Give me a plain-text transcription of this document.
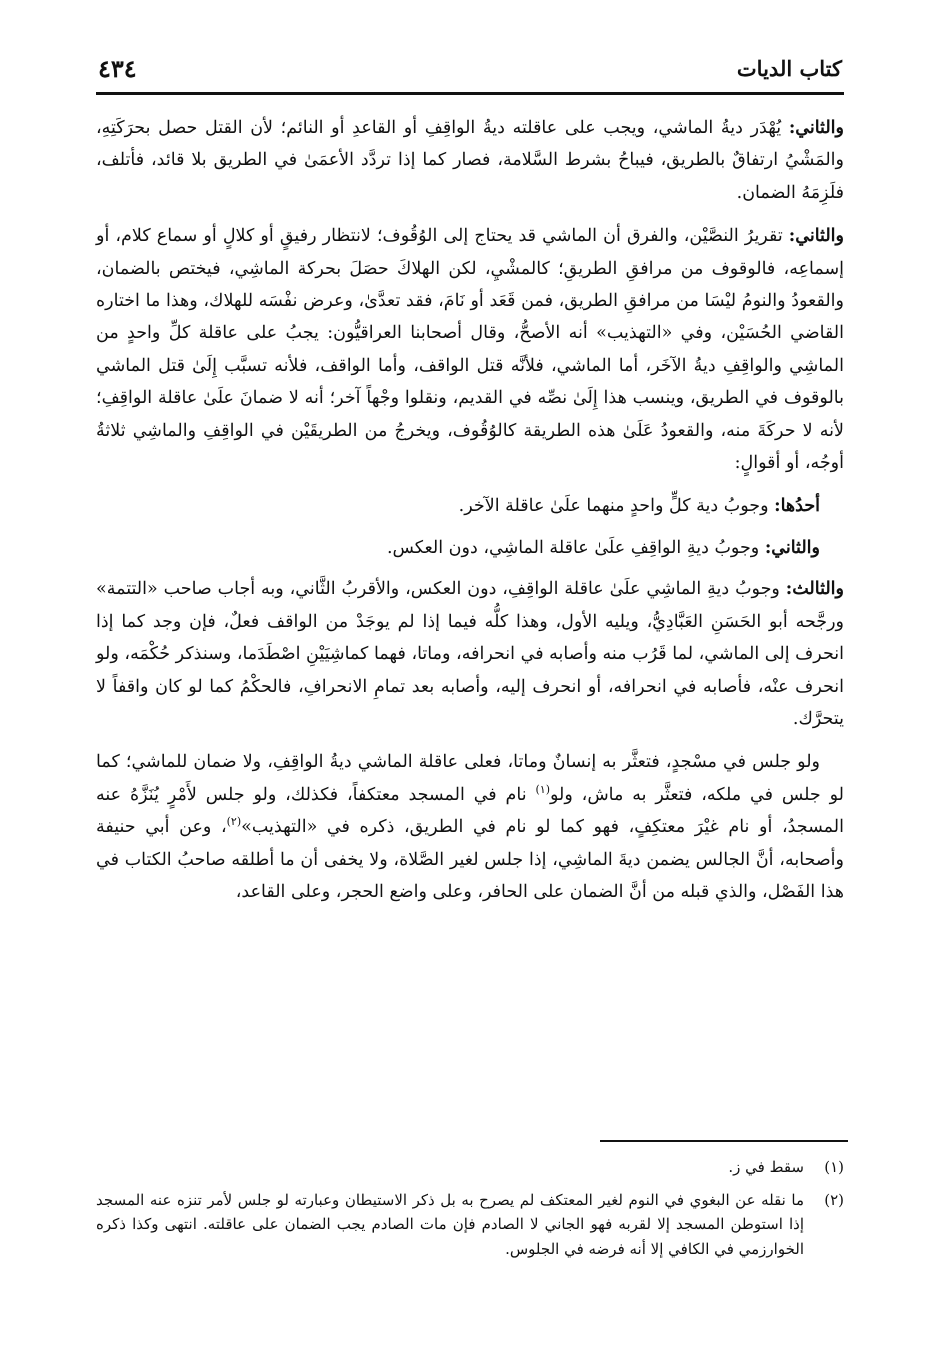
كتاب الديات
٤٣٤

والثاني: يُهْدَر ديةُ الماشي، ويجب على عاقلته ديةُ الواقِفِ أو القاعدِ أو النائم؛ لأن القتل حصل بحرَكَتِهِ، والمَشْيُ ارتفاقٌ بالطريق، فيباحُ بشرط السَّلامة، فصار كما إذا تردَّد الأعمَىٰ في الطريق بلا قائد، فأتلف، فلَزِمَهُ الضمان.

والثاني: تقريرُ النصَّيْن، والفرق أن الماشي قد يحتاج إلى الوُقُوف؛ لانتظار رفيقٍ أو كلالٍ أو سماع كلام، أو إسماعِه، فالوقوف من مرافقِ الطريقِ؛ كالمشْيِ، لكن الهلاكَ حصَلَ بحركة الماشِي، فيختص بالضمان، والقعودُ والنومُ ليْسَا من مرافقِ الطريق، فمن قَعَد أو نَامَ، فقد تعدَّىٰ، وعرض نفْسَه للهلاك، وهذا ما اختاره القاضي الحُسَيْن، وفي «التهذيب» أنه الأصحُّ، وقال أصحابنا العراقيُّون: يجبُ على عاقلة كلِّ واحدٍ من الماشِي والواقِفِ ديةُ الآخَر، أما الماشي، فلأنَّه قتل الواقف، وأما الواقف، فلأنه تسبَّب إِلَىٰ قتل الماشي بالوقوف في الطريق، وينسب هذا إِلَىٰ نصِّه في القديم، ونقلوا وجْهاً آخر؛ أنه لا ضمانَ علَىٰ عاقلة الواقِفِ؛ لأنه لا حركَةَ منه، والقعودُ عَلَىٰ هذه الطريقة كالوُقُوف، ويخرجُ من الطريقَيْن في الواقِفِ والماشِي ثلاثةُ أوجُه، أو أقوالٍ:

أحدُها: وجوبُ دية كلٍّ واحدٍ منهما علَىٰ عاقلة الآخر.

والثاني: وجوبُ ديةِ الواقِفِ علَىٰ عاقلة الماشِي، دون العكس.

والثالث: وجوبُ ديةِ الماشِي علَىٰ عاقلة الواقِفِ، دون العكس، والأقربُ الثَّاني، وبه أجاب صاحب «التتمة» ورجَّحه أبو الحَسَنِ العَبَّادِيُّ، ويليه الأول، وهذا كلُّه فيما إذا لم يوجَدْ من الواقف فعلٌ، فإن وجد كما إذا انحرف إلى الماشي، لما قَرُب منه وأصابه في انحرافه، وماتا، فهما كماشِيَيْنِ اصْطَدَما، وسنذكر حُكْمَه، ولو انحرف عنْه، فأصابه في انحرافه، أو انحرف إليه، وأصابه بعد تمامِ الانحرافِ، فالحكْمُ كما لو كان واقفاً لا يتحرَّك.

ولو جلس في مسْجدٍ، فتعثَّر به إنسانٌ وماتا، فعلى عاقلة الماشي ديةُ الواقِفِ، ولا ضمان للماشي؛ كما لو جلس في ملكه، فتعثَّر به ماش، ولو$^{(١)}$ نام في المسجد معتكفاً، فكذلك، ولو جلس لأَمْرٍ يُنَزَّهُ عنه المسجدُ، أو نام غيْرَ معتكِفٍ، فهو كما لو نام في الطريق، ذكره في «التهذيب»$^{(٢)}$، وعن أبي حنيفة وأصحابه، أنَّ الجالس يضمن ديةَ الماشِي، إذا جلس لغير الصَّلاة، ولا يخفى أن ما أطلقه صاحبُ الكتاب في هذا الفَصْل، والذي قبله من أنَّ الضمان على الحافر، وعلى واضع الحجر، وعلى القاعد،

(١)
سقط في ز.
(٢)
ما نقله عن البغوي في النوم لغير المعتكف لم يصرح به بل ذكر الاستيطان وعبارته لو جلس لأمر تنزه عنه المسجد إذا استوطن المسجد إلا لقربه فهو الجاني لا الصادم فإن مات الصادم يجب الضمان على عاقلته. انتهى وكذا ذكره الخوارزمي في الكافي إلا أنه فرضه في الجلوس.
